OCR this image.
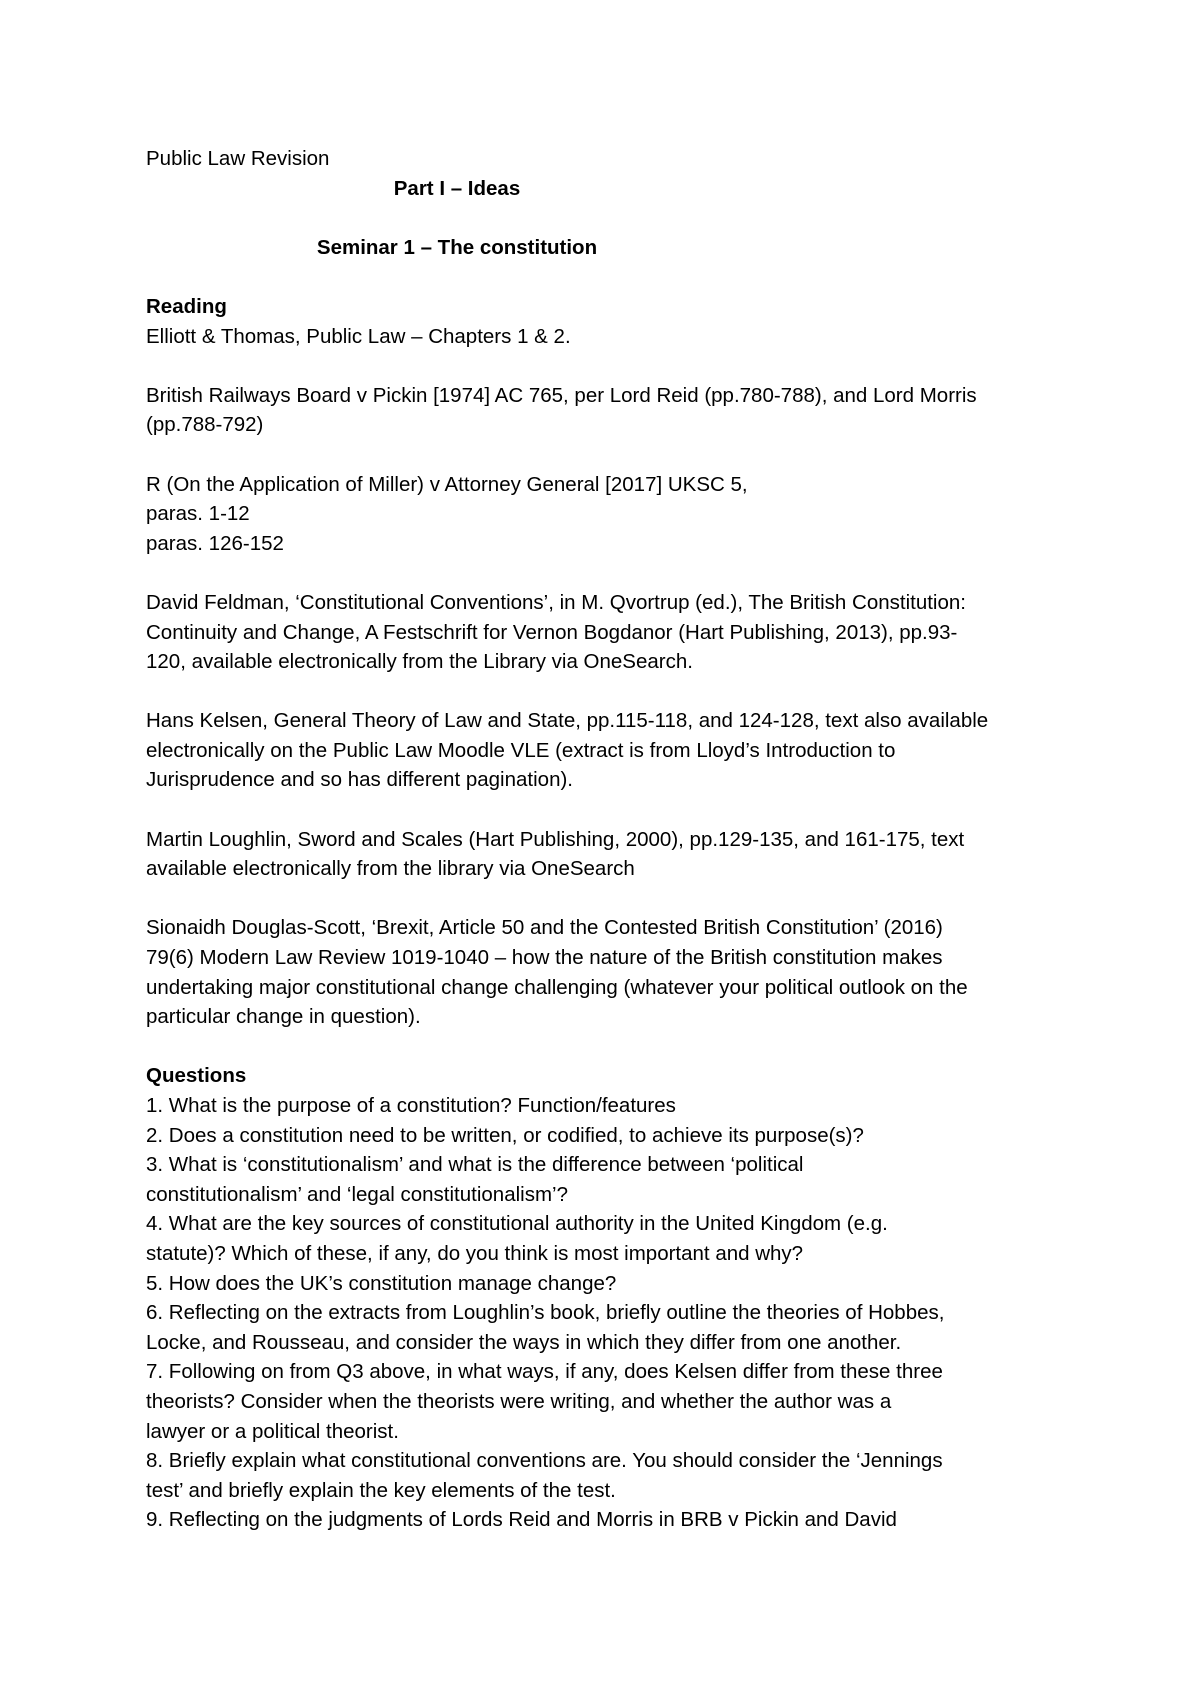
Public Law Revision
Part I – Ideas
Seminar 1 – The constitution
Reading
Elliott & Thomas, Public Law – Chapters 1 & 2.
British Railways Board v Pickin [1974] AC 765, per Lord Reid (pp.780-788), and Lord Morris
(pp.788-792)
R (On the Application of Miller) v Attorney General [2017] UKSC 5,
paras. 1-12
paras. 126-152
David Feldman, ‘Constitutional Conventions’, in M. Qvortrup (ed.), The British Constitution:
Continuity and Change, A Festschrift for Vernon Bogdanor (Hart Publishing, 2013), pp.93-
120, available electronically from the Library via OneSearch.
Hans Kelsen, General Theory of Law and State, pp.115-118, and 124-128, text also available
electronically on the Public Law Moodle VLE (extract is from Lloyd’s Introduction to
Jurisprudence and so has different pagination).
Martin Loughlin, Sword and Scales (Hart Publishing, 2000), pp.129-135, and 161-175, text
available electronically from the library via OneSearch
Sionaidh Douglas-Scott, ‘Brexit, Article 50 and the Contested British Constitution’ (2016)
79(6) Modern Law Review 1019-1040 – how the nature of the British constitution makes
undertaking major constitutional change challenging (whatever your political outlook on the
particular change in question).
Questions
1. What is the purpose of a constitution? Function/features
2. Does a constitution need to be written, or codified, to achieve its purpose(s)?
3. What is ‘constitutionalism’ and what is the difference between ‘political
constitutionalism’ and ‘legal constitutionalism’?
4. What are the key sources of constitutional authority in the United Kingdom (e.g.
statute)? Which of these, if any, do you think is most important and why?
5. How does the UK’s constitution manage change?
6. Reflecting on the extracts from Loughlin’s book, briefly outline the theories of Hobbes,
Locke, and Rousseau, and consider the ways in which they differ from one another.
7. Following on from Q3 above, in what ways, if any, does Kelsen differ from these three
theorists? Consider when the theorists were writing, and whether the author was a
lawyer or a political theorist.
8. Briefly explain what constitutional conventions are. You should consider the ‘Jennings
test’ and briefly explain the key elements of the test.
9. Reflecting on the judgments of Lords Reid and Morris in BRB v Pickin and David
